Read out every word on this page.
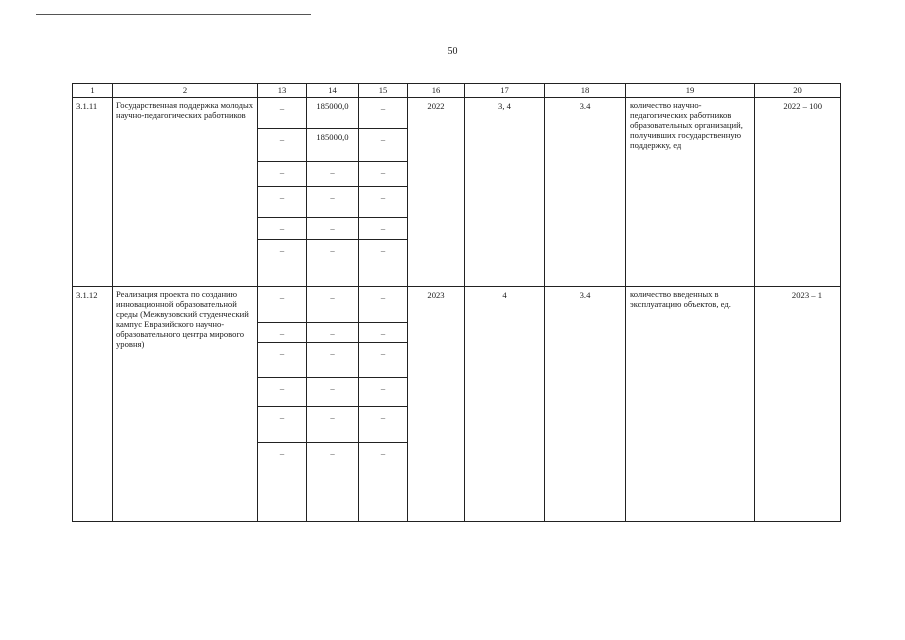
50
1	2	13	14	15	16	17	18	19	20
3.1.11	Государственная поддержка молодых научно-педагогических работников	–	185000,0	–	2022	3, 4	3.4	количество научно-педагогических работников образовательных организаций, получивших государственную поддержку, ед	2022 – 100
		–	185000,0	–					
		–	–	–					
		–	–	–					
		–	–	–					
		–	–	–					
3.1.12	Реализация проекта по созданию инновационной образовательной среды (Межвузовский студенческий кампус Евразийского научно-образовательного центра мирового уровня)	–	–	–	2023	4	3.4	количество введенных в эксплуатацию объектов, ед.	2023 – 1
		–	–	–					
		–	–	–					
		–	–	–					
		–	–	–					
		–	–	–					
